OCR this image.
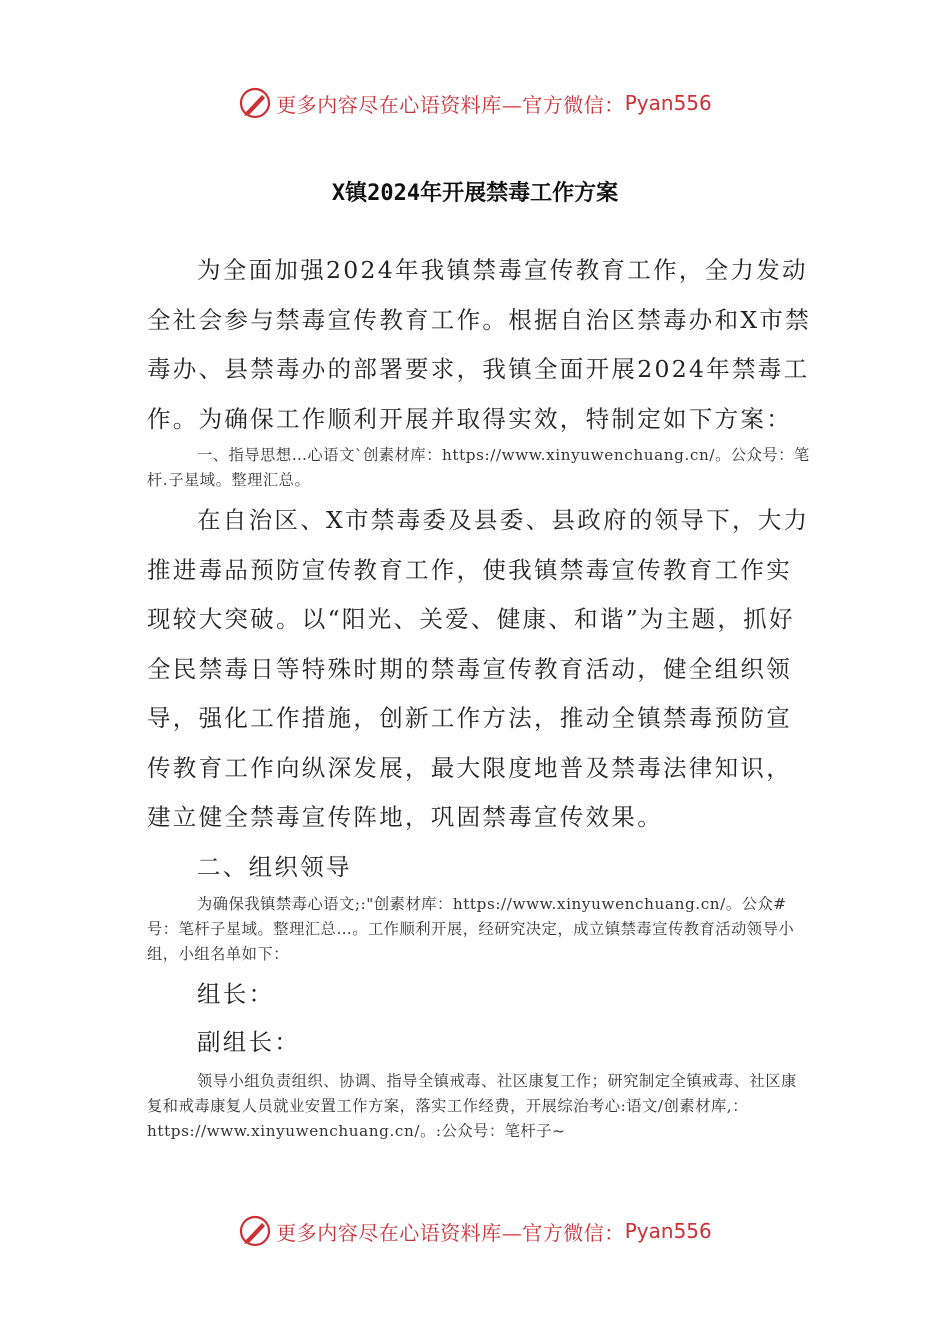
更多内容尽在心语资料库—官方微信： Pyan556
X镇2024年开展禁毒工作方案
为全面加强2024年我镇禁毒宣传教育工作，全力发动全社会参与禁毒宣传教育工作。根据自治区禁毒办和X市禁毒办、县禁毒办的部署要求，我镇全面开展2024年禁毒工作。为确保工作顺利开展并取得实效，特制定如下方案：
一、指导思想…心语文`创素材库：https://www.xinyuwenchuang.cn/。公众号：笔杆.子星域。整理汇总。
在自治区、X市禁毒委及县委、县政府的领导下，大力推进毒品预防宣传教育工作，使我镇禁毒宣传教育工作实现较大突破。以“阳光、关爱、健康、和谐”为主题，抓好全民禁毒日等特殊时期的禁毒宣传教育活动，健全组织领导，强化工作措施，创新工作方法，推动全镇禁毒预防宣传教育工作向纵深发展，最大限度地普及禁毒法律知识，建立健全禁毒宣传阵地，巩固禁毒宣传效果。
二、组织领导
为确保我镇禁毒心语文;:"创素材库：https://www.xinyuwenchuang.cn/。公众#号：笔杆子星域。整理汇总…。工作顺利开展，经研究决定，成立镇禁毒宣传教育活动领导小组，小组名单如下：
组长：
副组长：
领导小组负责组织、协调、指导全镇戒毒、社区康复工作；研究制定全镇戒毒、社区康复和戒毒康复人员就业安置工作方案，落实工作经费，开展综治考心:语文/创素材库,：https://www.xinyuwenchuang.cn/。:公众号：笔杆子~
更多内容尽在心语资料库—官方微信： Pyan556
